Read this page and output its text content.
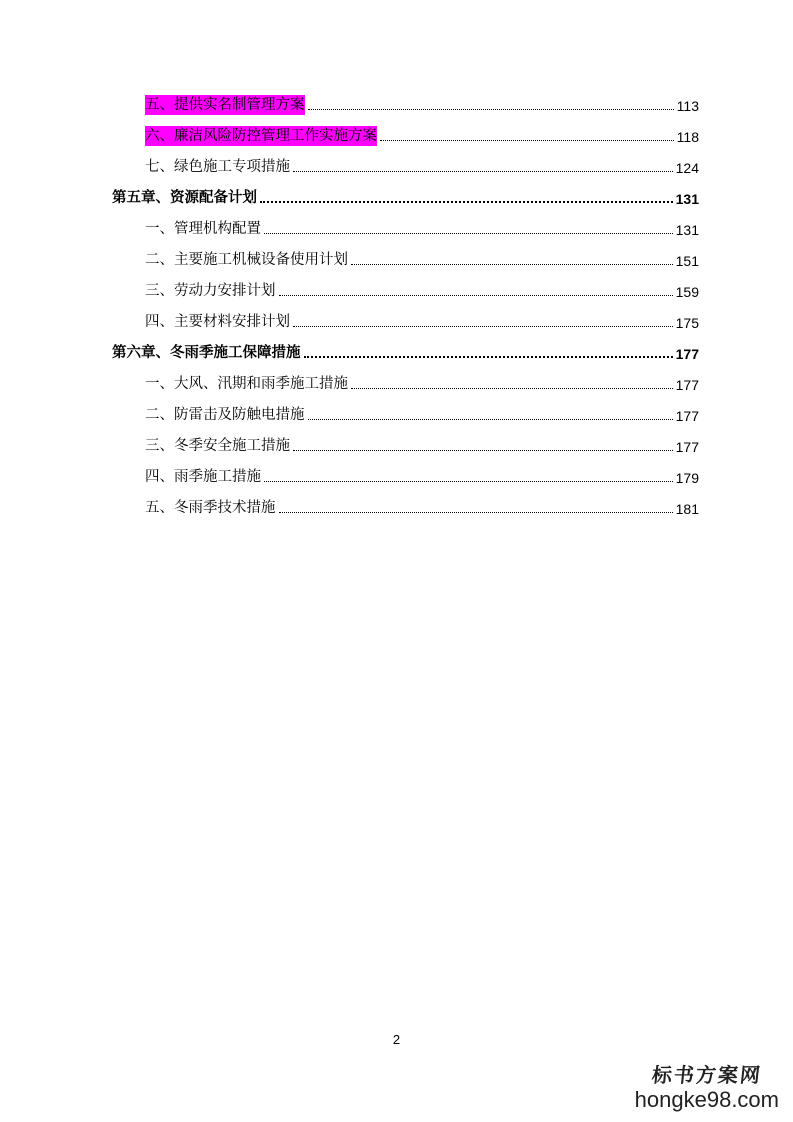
五、提供实名制管理方案	113
六、廉洁风险防控管理工作实施方案	118
七、绿色施工专项措施	124
第五章、资源配备计划	131
一、管理机构配置	131
二、主要施工机械设备使用计划	151
三、劳动力安排计划	159
四、主要材料安排计划	175
第六章、冬雨季施工保障措施	177
一、大风、汛期和雨季施工措施	177
二、防雷击及防触电措施	177
三、冬季安全施工措施	177
四、雨季施工措施	179
五、冬雨季技术措施	181
2
标书方案网
hongke98.com
